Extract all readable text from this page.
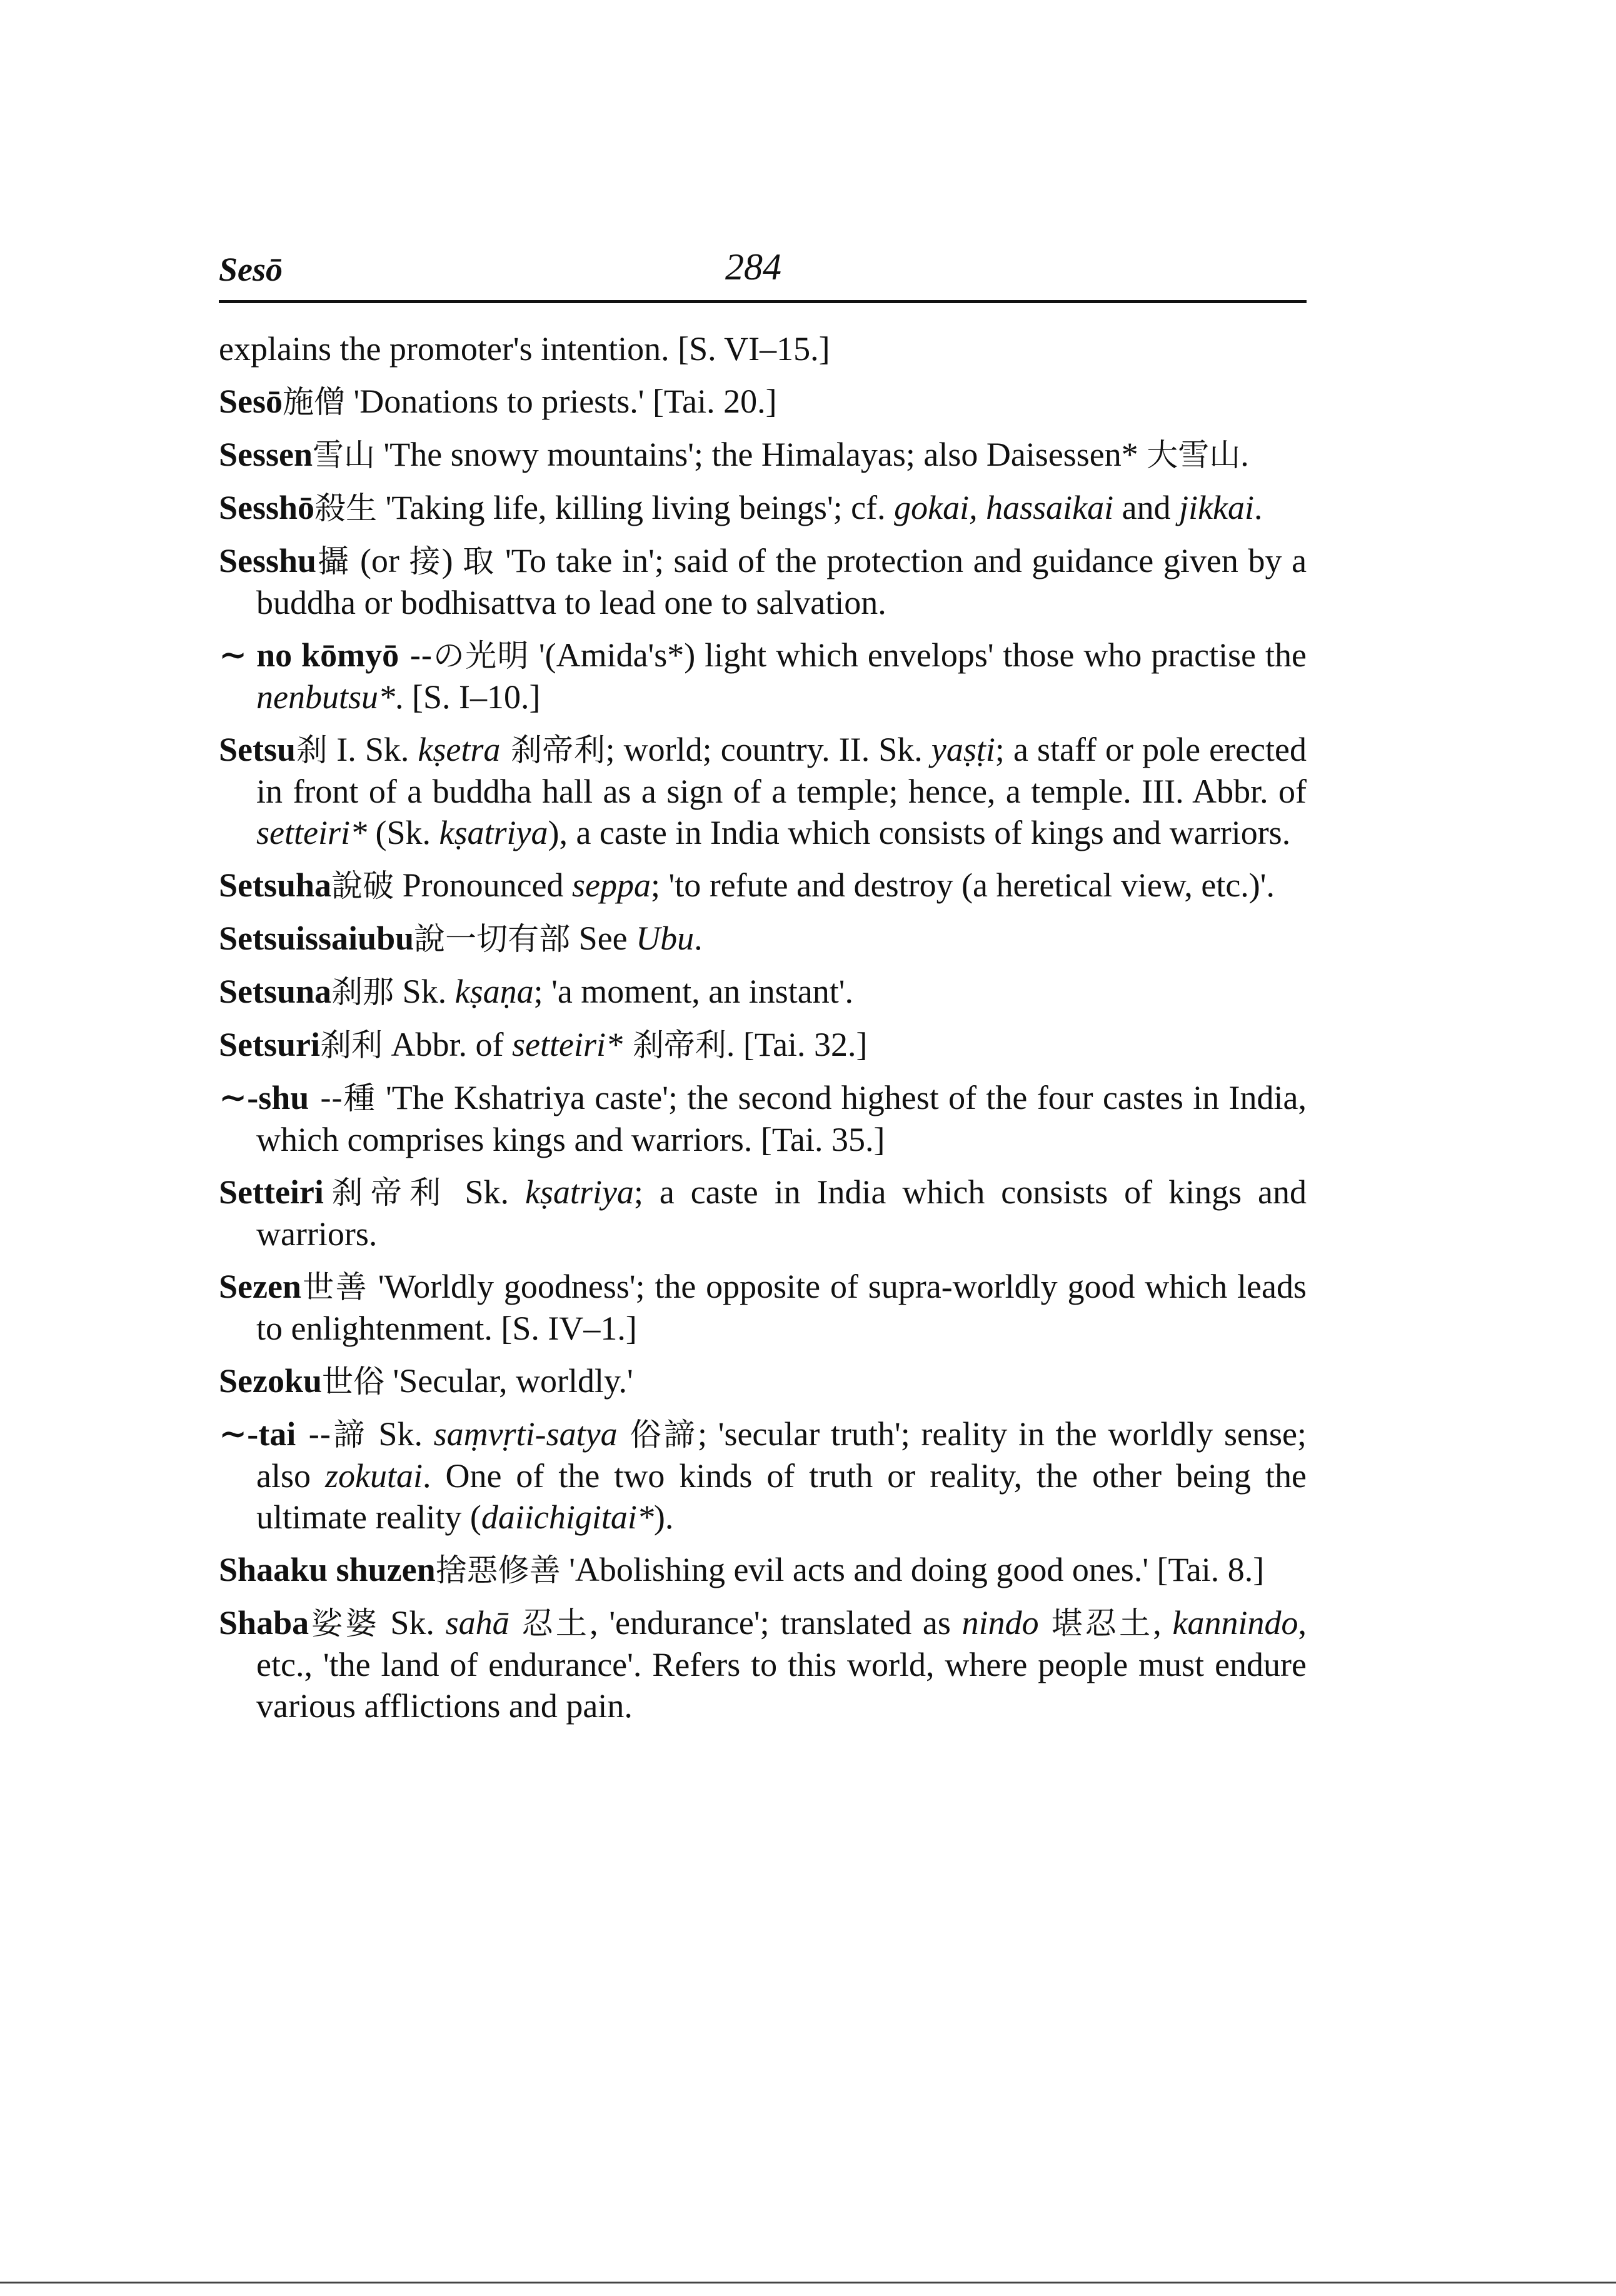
Sesō	284

explains the promoter's intention. [S. VI–15.]

Sesō施僧 'Donations to priests.' [Tai. 20.]

Sessen雪山 'The snowy mountains'; the Himalayas; also Daisessen* 大雪山.

Sesshō殺生 'Taking life, killing living beings'; cf. gokai, hassaikai and jikkai.

Sesshu攝 (or 接) 取 'To take in'; said of the protection and guidance given by a buddha or bodhisattva to lead one to salvation.

∼ no kōmyō --の光明 '(Amida's*) light which envelops' those who practise the nenbutsu*. [S. I–10.]

Setsu刹 I. Sk. kṣetra 刹帝利; world; country. II. Sk. yaṣṭi; a staff or pole erected in front of a buddha hall as a sign of a temple; hence, a temple. III. Abbr. of setteiri* (Sk. kṣatriya), a caste in India which consists of kings and warriors.

Setsuha說破 Pronounced seppa; 'to refute and destroy (a heretical view, etc.)'.

Setsuissaiubu說一切有部 See Ubu.

Setsuna刹那 Sk. kṣaṇa; 'a moment, an instant'.

Setsuri刹利 Abbr. of setteiri* 刹帝利. [Tai. 32.]

∼-shu --種 'The Kshatriya caste'; the second highest of the four castes in India, which comprises kings and warriors. [Tai. 35.]

Setteiri刹帝利 Sk. kṣatriya; a caste in India which consists of kings and warriors.

Sezen世善 'Worldly goodness'; the opposite of supra-worldly good which leads to enlightenment. [S. IV–1.]

Sezoku世俗 'Secular, worldly.'

∼-tai --諦 Sk. saṃvṛti-satya 俗諦; 'secular truth'; reality in the worldly sense; also zokutai. One of the two kinds of truth or reality, the other being the ultimate reality (daiichigitai*).

Shaaku shuzen捨惡修善 'Abolishing evil acts and doing good ones.' [Tai. 8.]

Shaba娑婆 Sk. sahā 忍土, 'endurance'; translated as nindo 堪忍土, kannindo, etc., 'the land of endurance'. Refers to this world, where people must endure various afflictions and pain.
